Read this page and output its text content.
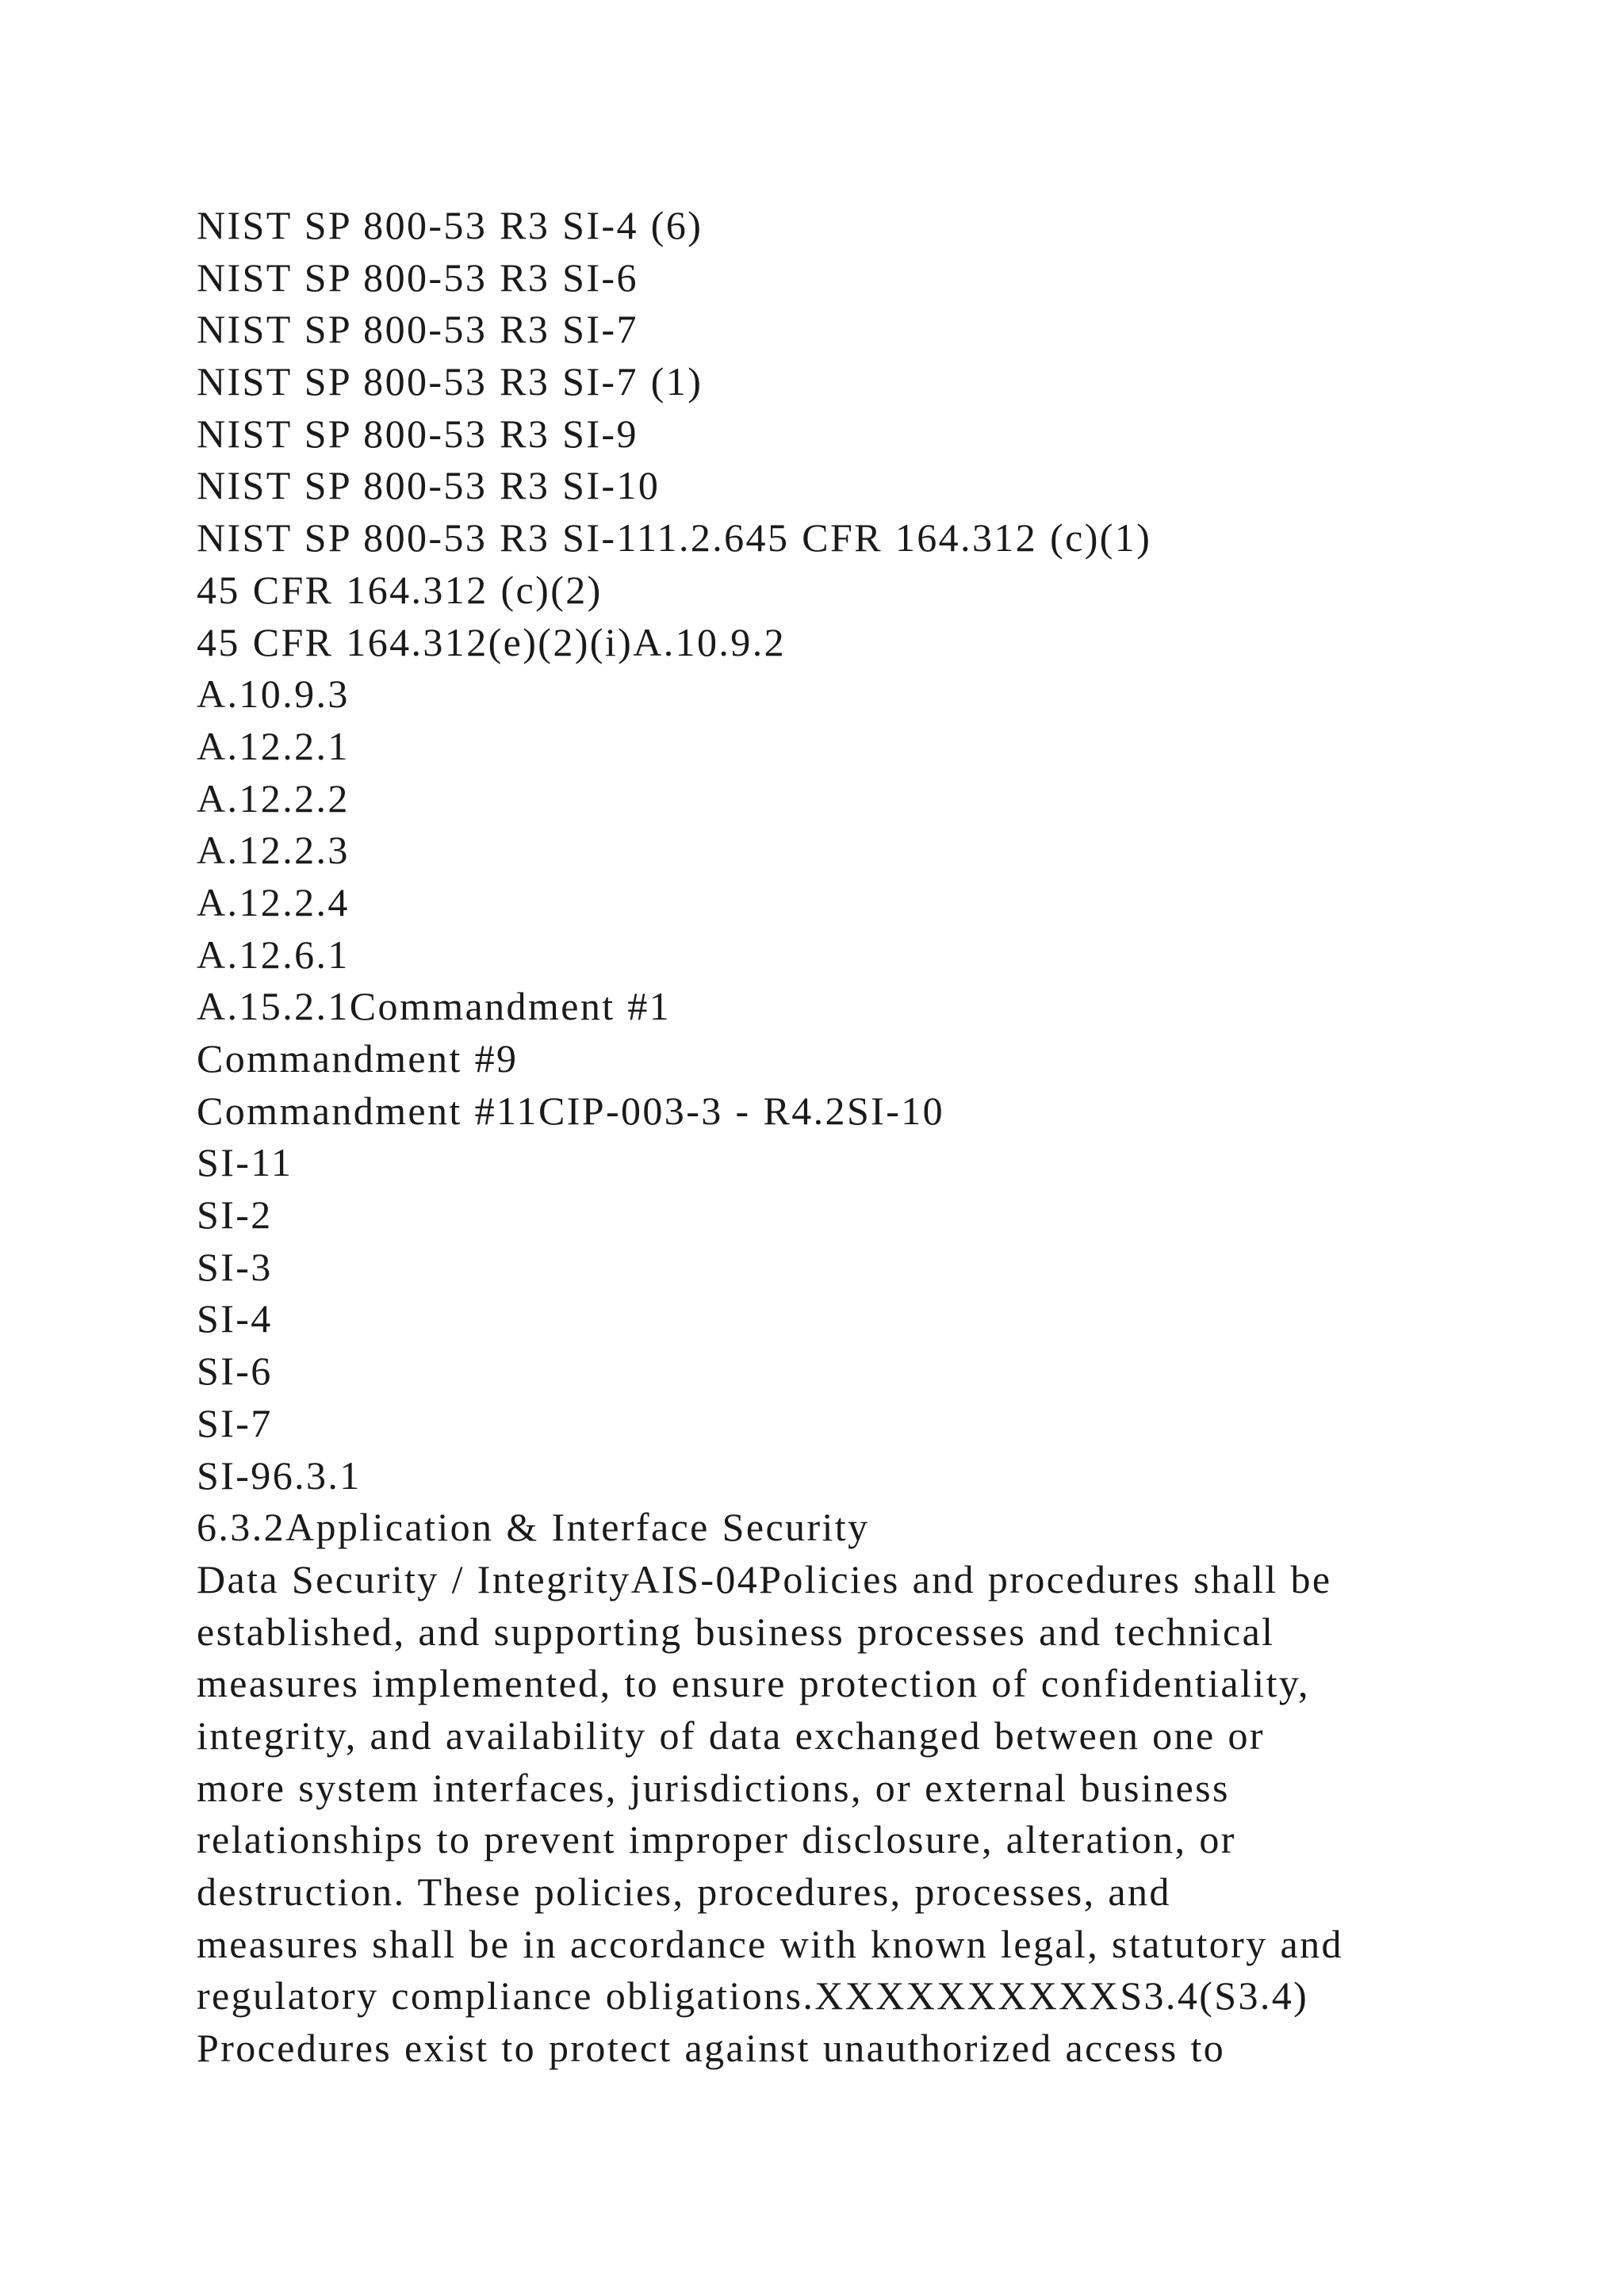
NIST SP 800-53 R3 SI-4 (6)
NIST SP 800-53 R3 SI-6
NIST SP 800-53 R3 SI-7
NIST SP 800-53 R3 SI-7 (1)
NIST SP 800-53 R3 SI-9
NIST SP 800-53 R3 SI-10
NIST SP 800-53 R3 SI-111.2.645 CFR 164.312 (c)(1)
45 CFR 164.312 (c)(2)
45 CFR 164.312(e)(2)(i)A.10.9.2
A.10.9.3
A.12.2.1
A.12.2.2
A.12.2.3
A.12.2.4
A.12.6.1
A.15.2.1Commandment #1
Commandment #9
Commandment #11CIP-003-3 - R4.2SI-10
SI-11
SI-2
SI-3
SI-4
SI-6
SI-7
SI-96.3.1
6.3.2Application & Interface Security
Data Security / IntegrityAIS-04Policies and procedures shall be
established, and supporting business processes and technical
measures implemented, to ensure protection of confidentiality,
integrity, and availability of data exchanged between one or
more system interfaces, jurisdictions, or external business
relationships to prevent improper disclosure, alteration, or
destruction. These policies, procedures, processes, and
measures shall be in accordance with known legal, statutory and
regulatory compliance obligations.XXXXXXXXXXS3.4(S3.4)
Procedures exist to protect against unauthorized access to
